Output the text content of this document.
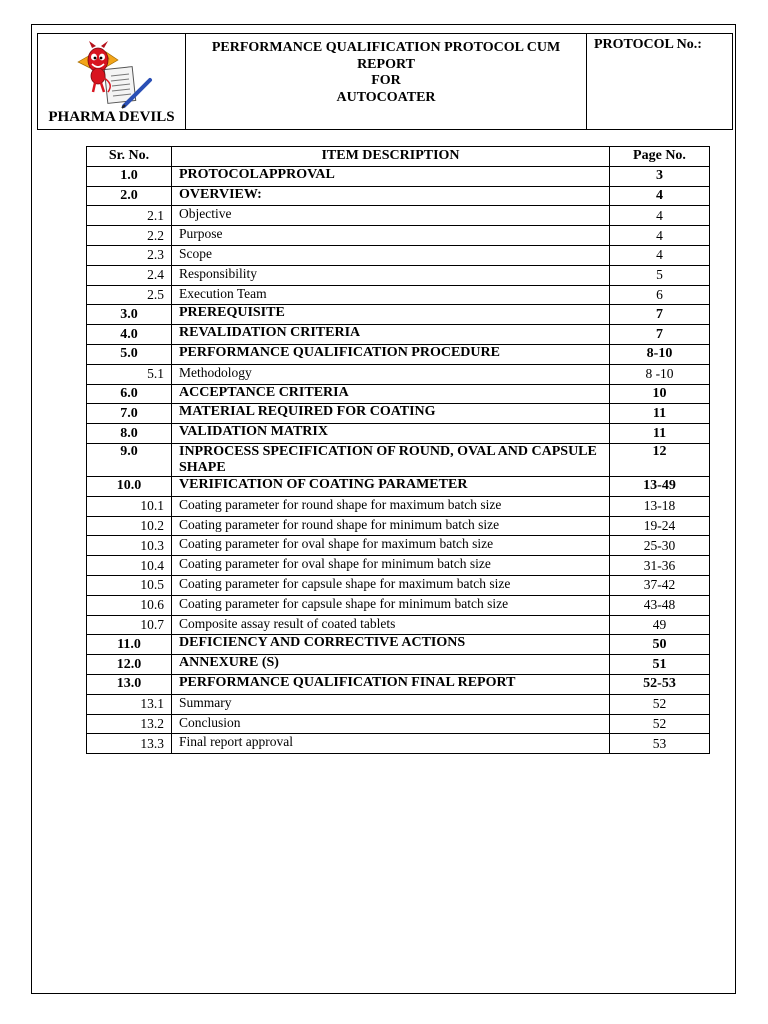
PHARMA DEVILS
PERFORMANCE QUALIFICATION PROTOCOL CUM
REPORT
FOR
AUTOCOATER
PROTOCOL No.:
Sr. No.	ITEM DESCRIPTION	Page No.
1.0	PROTOCOLAPPROVAL	3
2.0	OVERVIEW:	4
2.1	Objective	4
2.2	Purpose	4
2.3	Scope	4
2.4	Responsibility	5
2.5	Execution Team	6
3.0	PREREQUISITE	7
4.0	REVALIDATION CRITERIA	7
5.0	PERFORMANCE QUALIFICATION PROCEDURE	8-10
5.1	Methodology	8 -10
6.0	ACCEPTANCE CRITERIA	10
7.0	MATERIAL REQUIRED FOR COATING	11
8.0	VALIDATION MATRIX	11
9.0	INPROCESS SPECIFICATION OF ROUND, OVAL AND CAPSULE SHAPE	12
10.0	VERIFICATION OF COATING PARAMETER	13-49
10.1	Coating parameter for round shape for maximum batch size	13-18
10.2	Coating parameter for round shape for minimum batch size	19-24
10.3	Coating parameter for oval shape for maximum batch size	25-30
10.4	Coating parameter for oval shape for minimum batch size	31-36
10.5	Coating parameter for capsule shape for maximum batch size	37-42
10.6	Coating parameter for capsule shape for minimum batch size	43-48
10.7	Composite assay result of coated tablets	49
11.0	DEFICIENCY AND CORRECTIVE ACTIONS	50
12.0	ANNEXURE (S)	51
13.0	PERFORMANCE QUALIFICATION FINAL REPORT	52-53
13.1	Summary	52
13.2	Conclusion	52
13.3	Final report approval	53
